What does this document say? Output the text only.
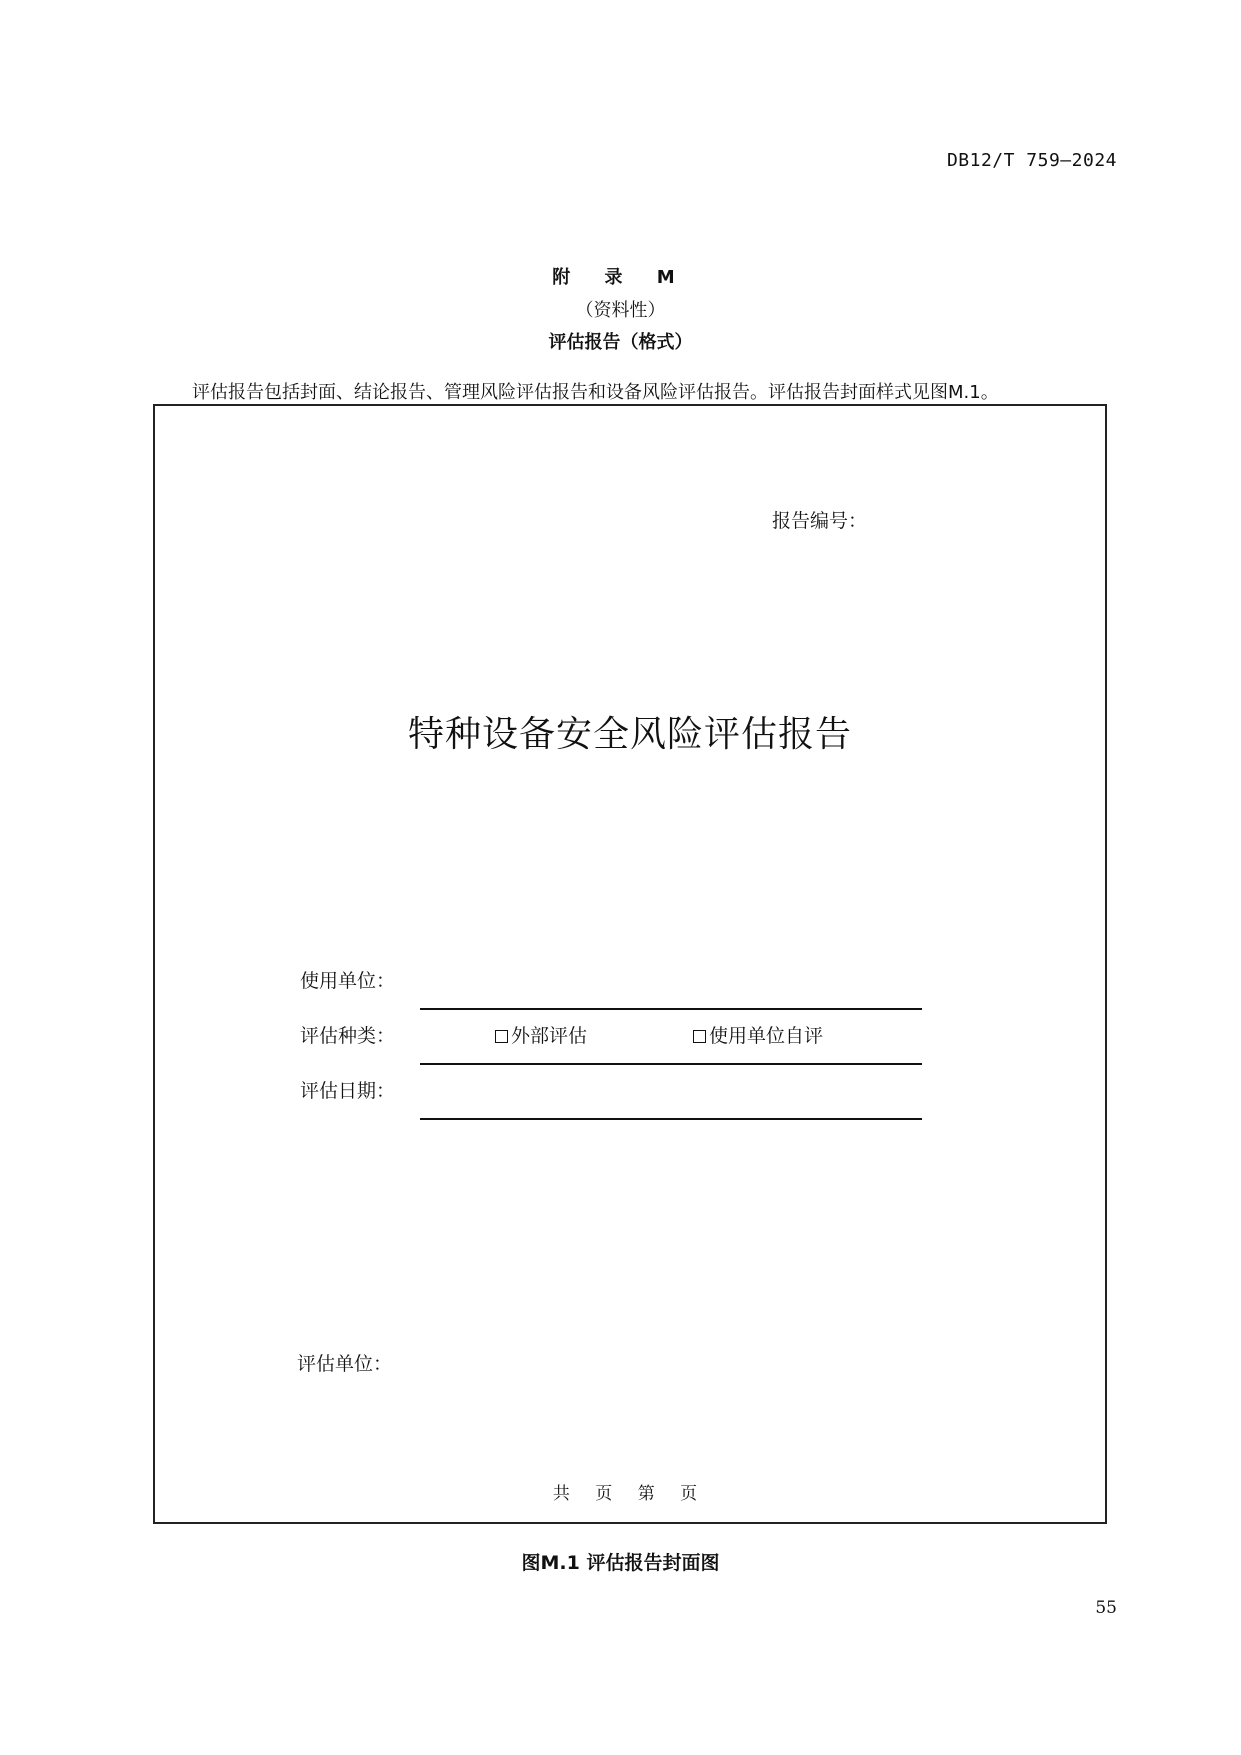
DB12/T 759—2024
附 录 M
（资料性）
评估报告（格式）
评估报告包括封面、结论报告、管理风险评估报告和设备风险评估报告。评估报告封面样式见图M.1。
报告编号：
特种设备安全风险评估报告
使用单位：
评估种类：	外部评估	使用单位自评
评估日期：
评估单位：
共 页 第 页
图M.1 评估报告封面图
55
